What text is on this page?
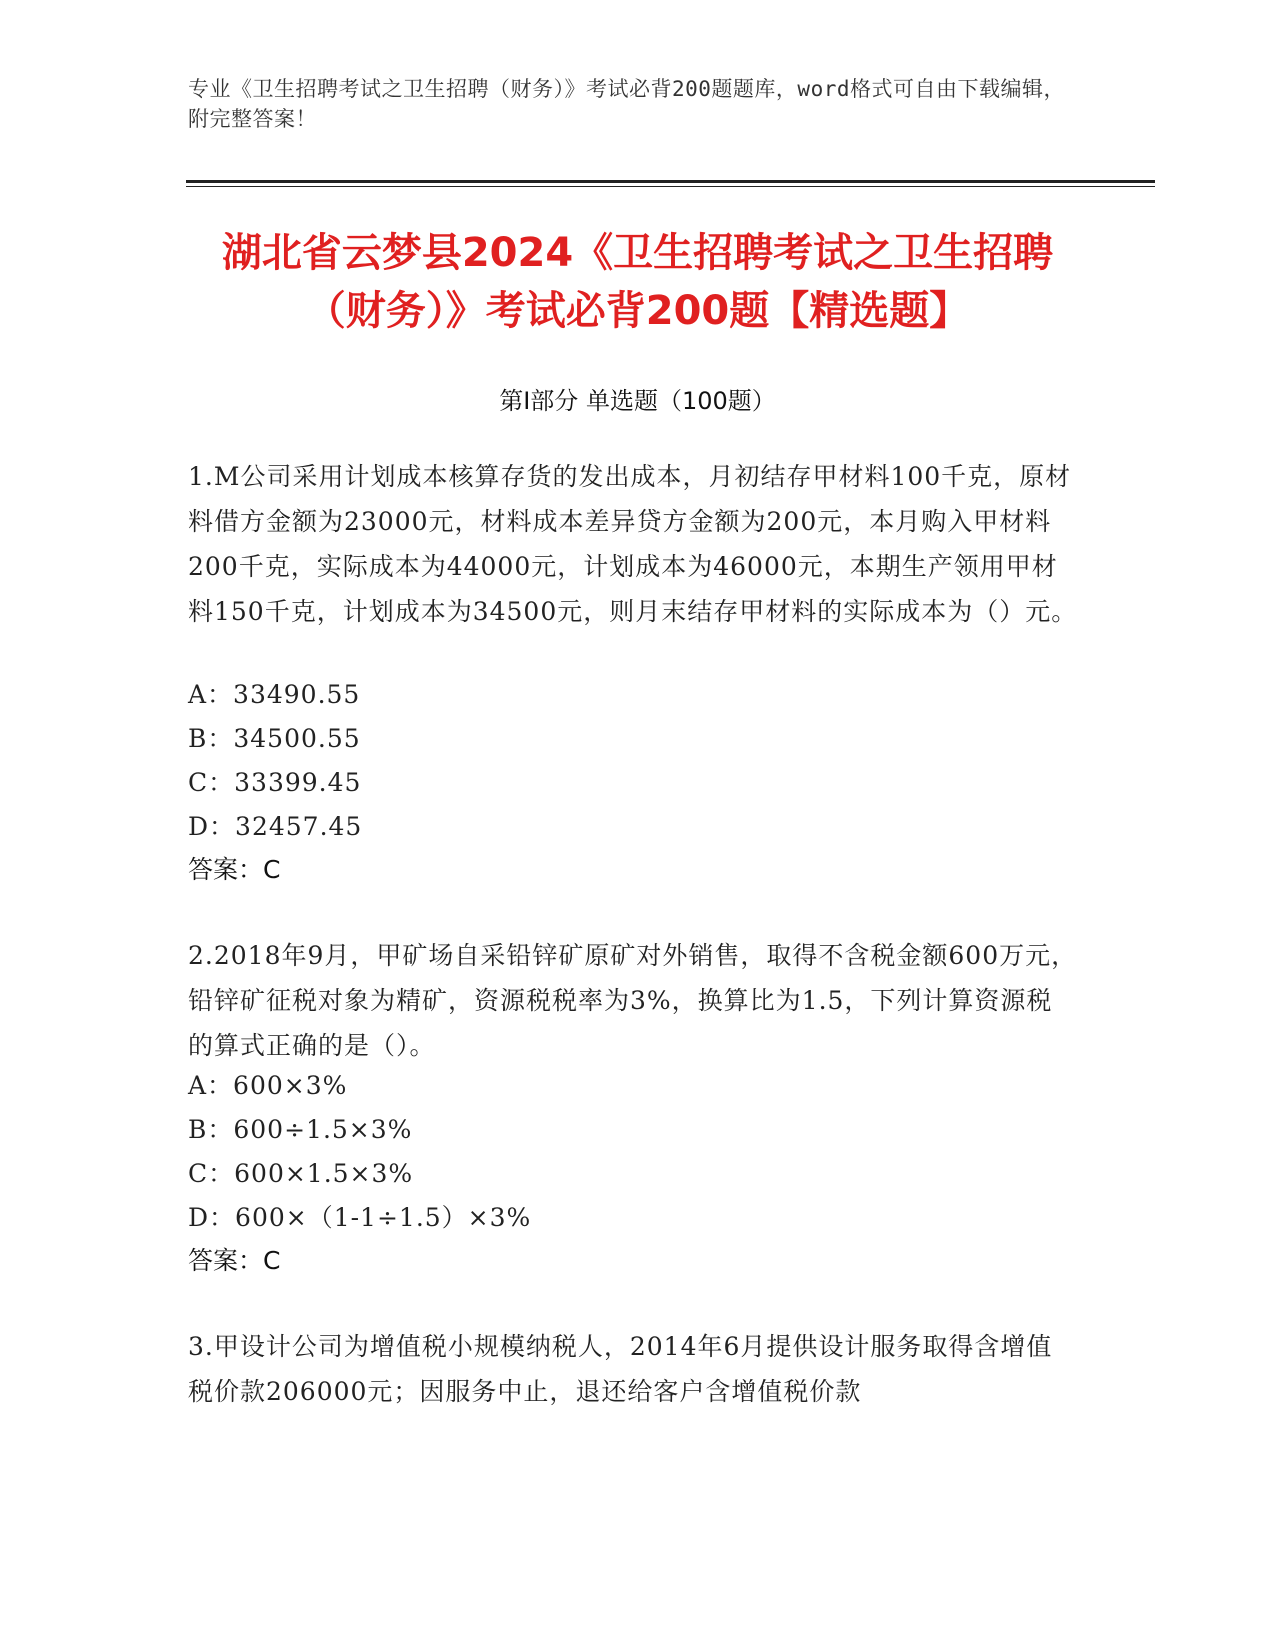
专业《卫生招聘考试之卫生招聘（财务）》考试必背200题题库，word格式可自由下载编辑，附完整答案！
湖北省云梦县2024《卫生招聘考试之卫生招聘（财务）》考试必背200题【精选题】
第Ⅰ部分 单选题（100题）
1.M公司采用计划成本核算存货的发出成本，月初结存甲材料100千克，原材料借方金额为23000元，材料成本差异贷方金额为200元，本月购入甲材料200千克，实际成本为44000元，计划成本为46000元，本期生产领用甲材料150千克，计划成本为34500元，则月末结存甲材料的实际成本为（）元。
A：33490.55
B：34500.55
C：33399.45
D：32457.45
答案：C
2.2018年9月，甲矿场自采铅锌矿原矿对外销售，取得不含税金额600万元，铅锌矿征税对象为精矿，资源税税率为3%，换算比为1.5，下列计算资源税的算式正确的是（）。
A：600×3%
B：600÷1.5×3%
C：600×1.5×3%
D：600×（1-1÷1.5）×3%
答案：C
3.甲设计公司为增值税小规模纳税人，2014年6月提供设计服务取得含增值税价款206000元；因服务中止，退还给客户含增值税价款
